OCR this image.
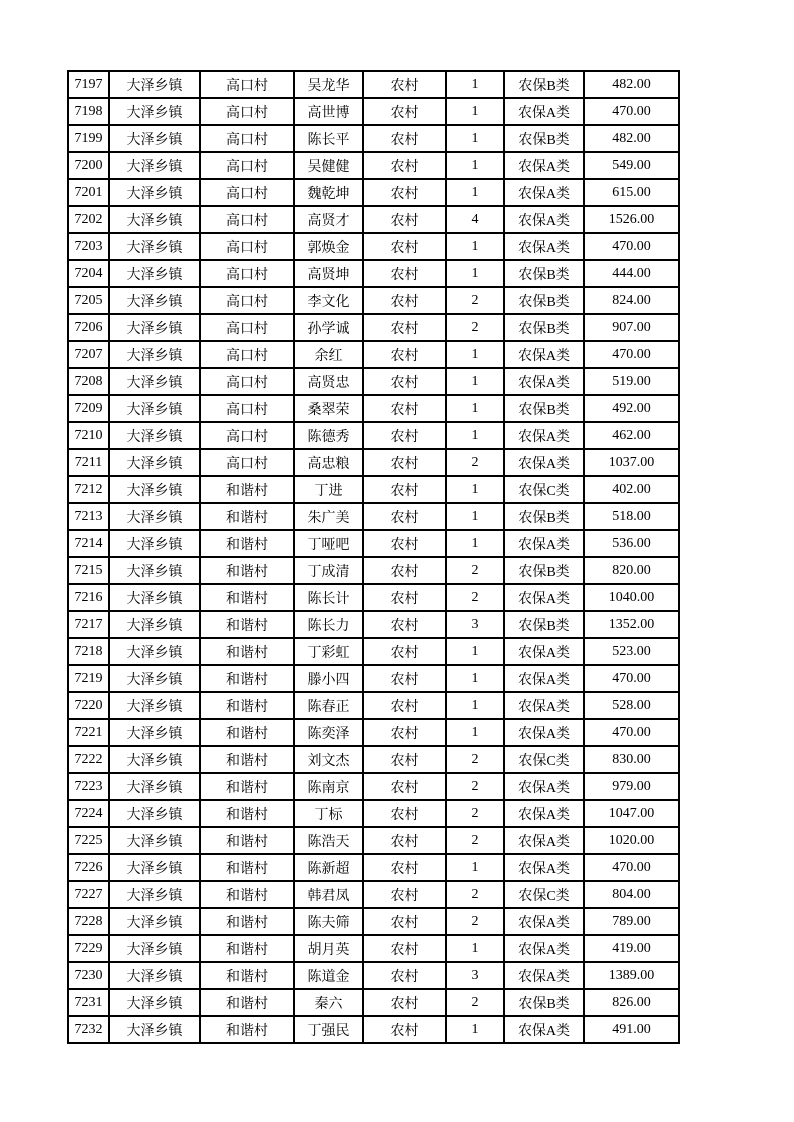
7197	大泽乡镇	高口村	吴龙华	农村	1	农保B类	482.00
7198	大泽乡镇	高口村	高世博	农村	1	农保A类	470.00
7199	大泽乡镇	高口村	陈长平	农村	1	农保B类	482.00
7200	大泽乡镇	高口村	吴健健	农村	1	农保A类	549.00
7201	大泽乡镇	高口村	魏乾坤	农村	1	农保A类	615.00
7202	大泽乡镇	高口村	高贤才	农村	4	农保A类	1526.00
7203	大泽乡镇	高口村	郭焕金	农村	1	农保A类	470.00
7204	大泽乡镇	高口村	高贤坤	农村	1	农保B类	444.00
7205	大泽乡镇	高口村	李文化	农村	2	农保B类	824.00
7206	大泽乡镇	高口村	孙学诚	农村	2	农保B类	907.00
7207	大泽乡镇	高口村	余红	农村	1	农保A类	470.00
7208	大泽乡镇	高口村	高贤忠	农村	1	农保A类	519.00
7209	大泽乡镇	高口村	桑翠荣	农村	1	农保B类	492.00
7210	大泽乡镇	高口村	陈德秀	农村	1	农保A类	462.00
7211	大泽乡镇	高口村	高忠粮	农村	2	农保A类	1037.00
7212	大泽乡镇	和谐村	丁进	农村	1	农保C类	402.00
7213	大泽乡镇	和谐村	朱广美	农村	1	农保B类	518.00
7214	大泽乡镇	和谐村	丁哑吧	农村	1	农保A类	536.00
7215	大泽乡镇	和谐村	丁成清	农村	2	农保B类	820.00
7216	大泽乡镇	和谐村	陈长计	农村	2	农保A类	1040.00
7217	大泽乡镇	和谐村	陈长力	农村	3	农保B类	1352.00
7218	大泽乡镇	和谐村	丁彩虹	农村	1	农保A类	523.00
7219	大泽乡镇	和谐村	滕小四	农村	1	农保A类	470.00
7220	大泽乡镇	和谐村	陈春正	农村	1	农保A类	528.00
7221	大泽乡镇	和谐村	陈奕泽	农村	1	农保A类	470.00
7222	大泽乡镇	和谐村	刘文杰	农村	2	农保C类	830.00
7223	大泽乡镇	和谐村	陈南京	农村	2	农保A类	979.00
7224	大泽乡镇	和谐村	丁标	农村	2	农保A类	1047.00
7225	大泽乡镇	和谐村	陈浩天	农村	2	农保A类	1020.00
7226	大泽乡镇	和谐村	陈新超	农村	1	农保A类	470.00
7227	大泽乡镇	和谐村	韩君凤	农村	2	农保C类	804.00
7228	大泽乡镇	和谐村	陈夫筛	农村	2	农保A类	789.00
7229	大泽乡镇	和谐村	胡月英	农村	1	农保A类	419.00
7230	大泽乡镇	和谐村	陈道金	农村	3	农保A类	1389.00
7231	大泽乡镇	和谐村	秦六	农村	2	农保B类	826.00
7232	大泽乡镇	和谐村	丁强民	农村	1	农保A类	491.00
